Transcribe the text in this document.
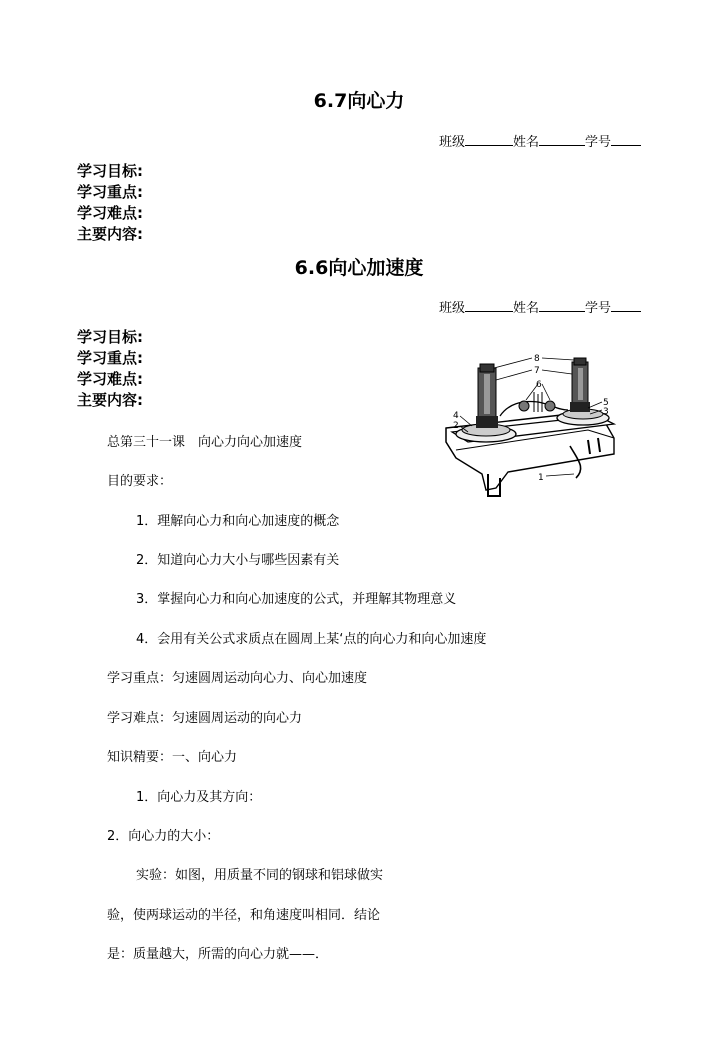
6.7向心力
班级	姓名	学号
学习目标:
学习重点:
学习难点:
主要内容:
6.6向心加速度
班级	姓名	学号
学习目标:
学习重点:
学习难点:
主要内容:
8
7
6
5
3
4
2
1
总第三十一课　向心力向心加速度
目的要求：
1．理解向心力和向心加速度的概念
2．知道向心力大小与哪些因素有关
3．掌握向心力和向心加速度的公式，并理解其物理意义
4．会用有关公式求质点在圆周上某‘点的向心力和向心加速度
学习重点：匀速圆周运动向心力、向心加速度
学习难点：匀速圆周运动的向心力
知识精要：一、向心力
1．向心力及其方向：
2．向心力的大小：
实验：如图，用质量不同的钢球和铝球做实
验，使两球运动的半径，和角速度叫相同．结论
是：质量越大，所需的向心力就——．
